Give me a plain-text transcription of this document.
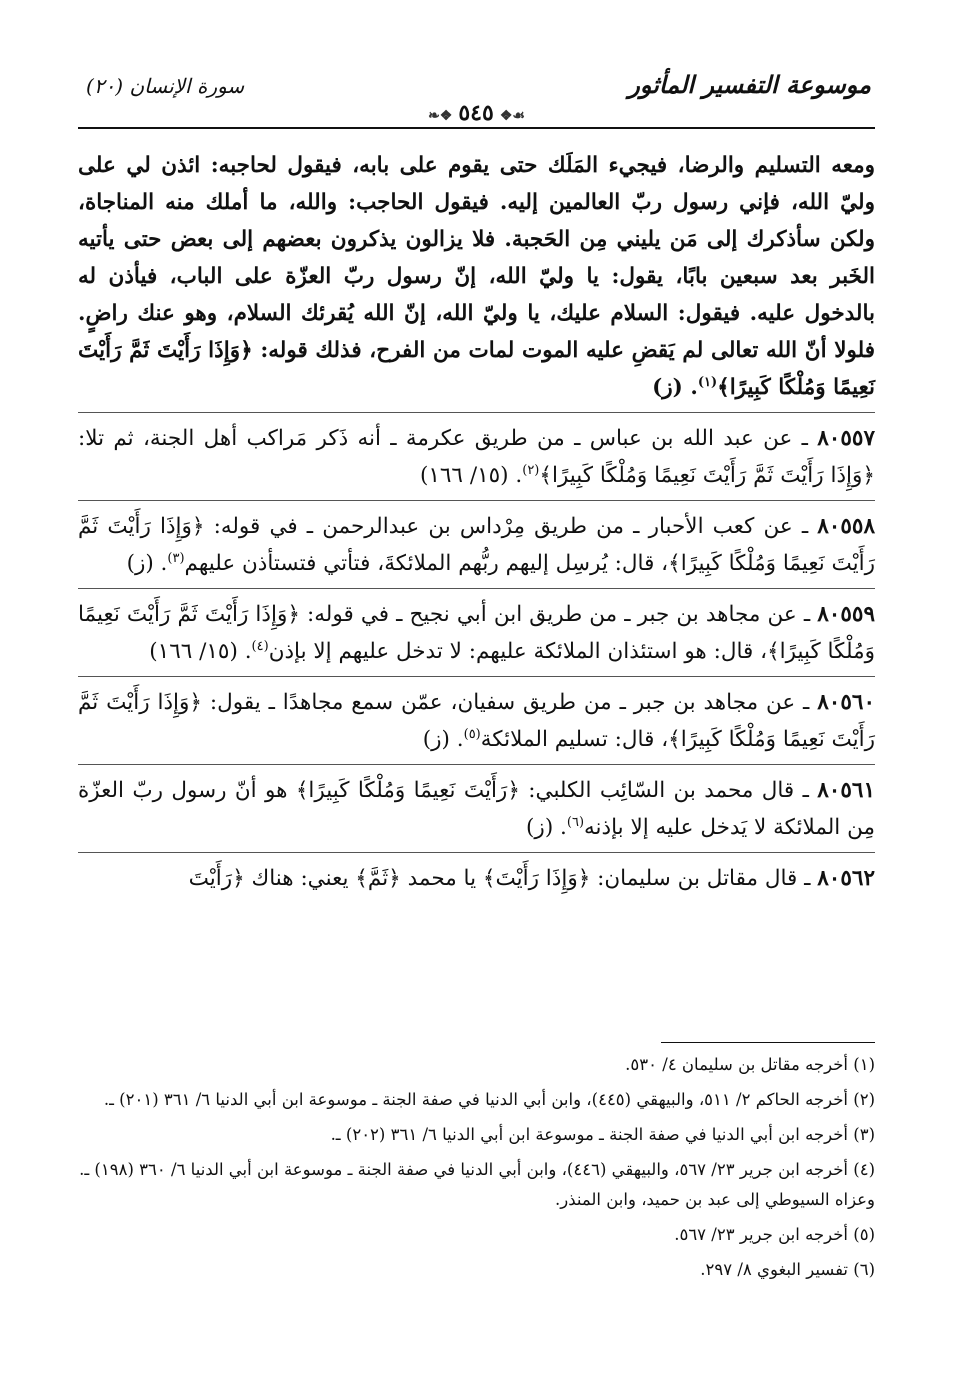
سورة الإنسان (٢٠)	موسوعة التفسير المأثور
❧❖ ٥٤٥ ❖☙

ومعه التسليم والرضا، فيجيء المَلَك حتى يقوم على بابه، فيقول لحاجبه: ائذن لي على وليّ الله، فإني رسول ربّ العالمين إليه. فيقول الحاجب: والله، ما أملك منه المناجاة، ولكن سأذكرك إلى مَن يليني مِن الحَجبة. فلا يزالون يذكرون بعضهم إلى بعض حتى يأتيه الخَبر بعد سبعين بابًا، يقول: يا وليّ الله، إنّ رسول ربّ العزّة على الباب، فيأذن له بالدخول عليه. فيقول: السلام عليك، يا وليّ الله، إنّ الله يُقرئك السلام، وهو عنك راضٍ. فلولا أنّ الله تعالى لم يَقضِ عليه الموت لمات من الفرح، فذلك قوله: ﴿وَإِذَا رَأَيْتَ ثَمَّ رَأَيْتَ نَعِيمًا وَمُلْكًا كَبِيرًا﴾$^{(١)}$. (ز)

٨٠٥٥٧ ـ عن عبد الله بن عباس ـ من طريق عكرمة ـ أنه ذَكر مَراكب أهل الجنة، ثم تلا: ﴿وَإِذَا رَأَيْتَ ثَمَّ رَأَيْتَ نَعِيمًا وَمُلْكًا كَبِيرًا﴾$^{(٢)}$. (١٥/ ١٦٦)

٨٠٥٥٨ ـ عن كعب الأحبار ـ من طريق مِرْداس بن عبدالرحمن ـ في قوله: ﴿وَإِذَا رَأَيْتَ ثَمَّ رَأَيْتَ نَعِيمًا وَمُلْكًا كَبِيرًا﴾، قال: يُرسِل إليهم ربُّهم الملائكةَ، فتأتي فتستأذن عليهم$^{(٣)}$. (ز)

٨٠٥٥٩ ـ عن مجاهد بن جبر ـ من طريق ابن أبي نجيح ـ في قوله: ﴿وَإِذَا رَأَيْتَ ثَمَّ رَأَيْتَ نَعِيمًا وَمُلْكًا كَبِيرًا﴾، قال: هو استئذان الملائكة عليهم: لا تدخل عليهم إلا بإذن$^{(٤)}$. (١٥/ ١٦٦)

٨٠٥٦٠ ـ عن مجاهد بن جبر ـ من طريق سفيان، عمّن سمع مجاهدًا ـ يقول: ﴿وَإِذَا رَأَيْتَ ثَمَّ رَأَيْتَ نَعِيمًا وَمُلْكًا كَبِيرًا﴾، قال: تسليم الملائكة$^{(٥)}$. (ز)

٨٠٥٦١ ـ قال محمد بن السّائِب الكلبي: ﴿رَأَيْتَ نَعِيمًا وَمُلْكًا كَبِيرًا﴾ هو أنّ رسول ربّ العزّة مِن الملائكة لا يَدخل عليه إلا بإذنه$^{(٦)}$. (ز)

٨٠٥٦٢ ـ قال مقاتل بن سليمان: ﴿وَإِذَا رَأَيْتَ﴾ يا محمد ﴿ثَمَّ﴾ يعني: هناك ﴿رَأَيْتَ

(١) أخرجه مقاتل بن سليمان ٤/ ٥٣٠.

(٢) أخرجه الحاكم ٢/ ٥١١، والبيهقي (٤٤٥)، وابن أبي الدنيا في صفة الجنة ـ موسوعة ابن أبي الدنيا ٦/ ٣٦١ (٢٠١) ـ.

(٣) أخرجه ابن أبي الدنيا في صفة الجنة ـ موسوعة ابن أبي الدنيا ٦/ ٣٦١ (٢٠٢) ـ.

(٤) أخرجه ابن جرير ٢٣/ ٥٦٧، والبيهقي (٤٤٦)، وابن أبي الدنيا في صفة الجنة ـ موسوعة ابن أبي الدنيا ٦/ ٣٦٠ (١٩٨) ـ. وعزاه السيوطي إلى عبد بن حميد، وابن المنذر.

(٥) أخرجه ابن جرير ٢٣/ ٥٦٧.

(٦) تفسير البغوي ٨/ ٢٩٧.
